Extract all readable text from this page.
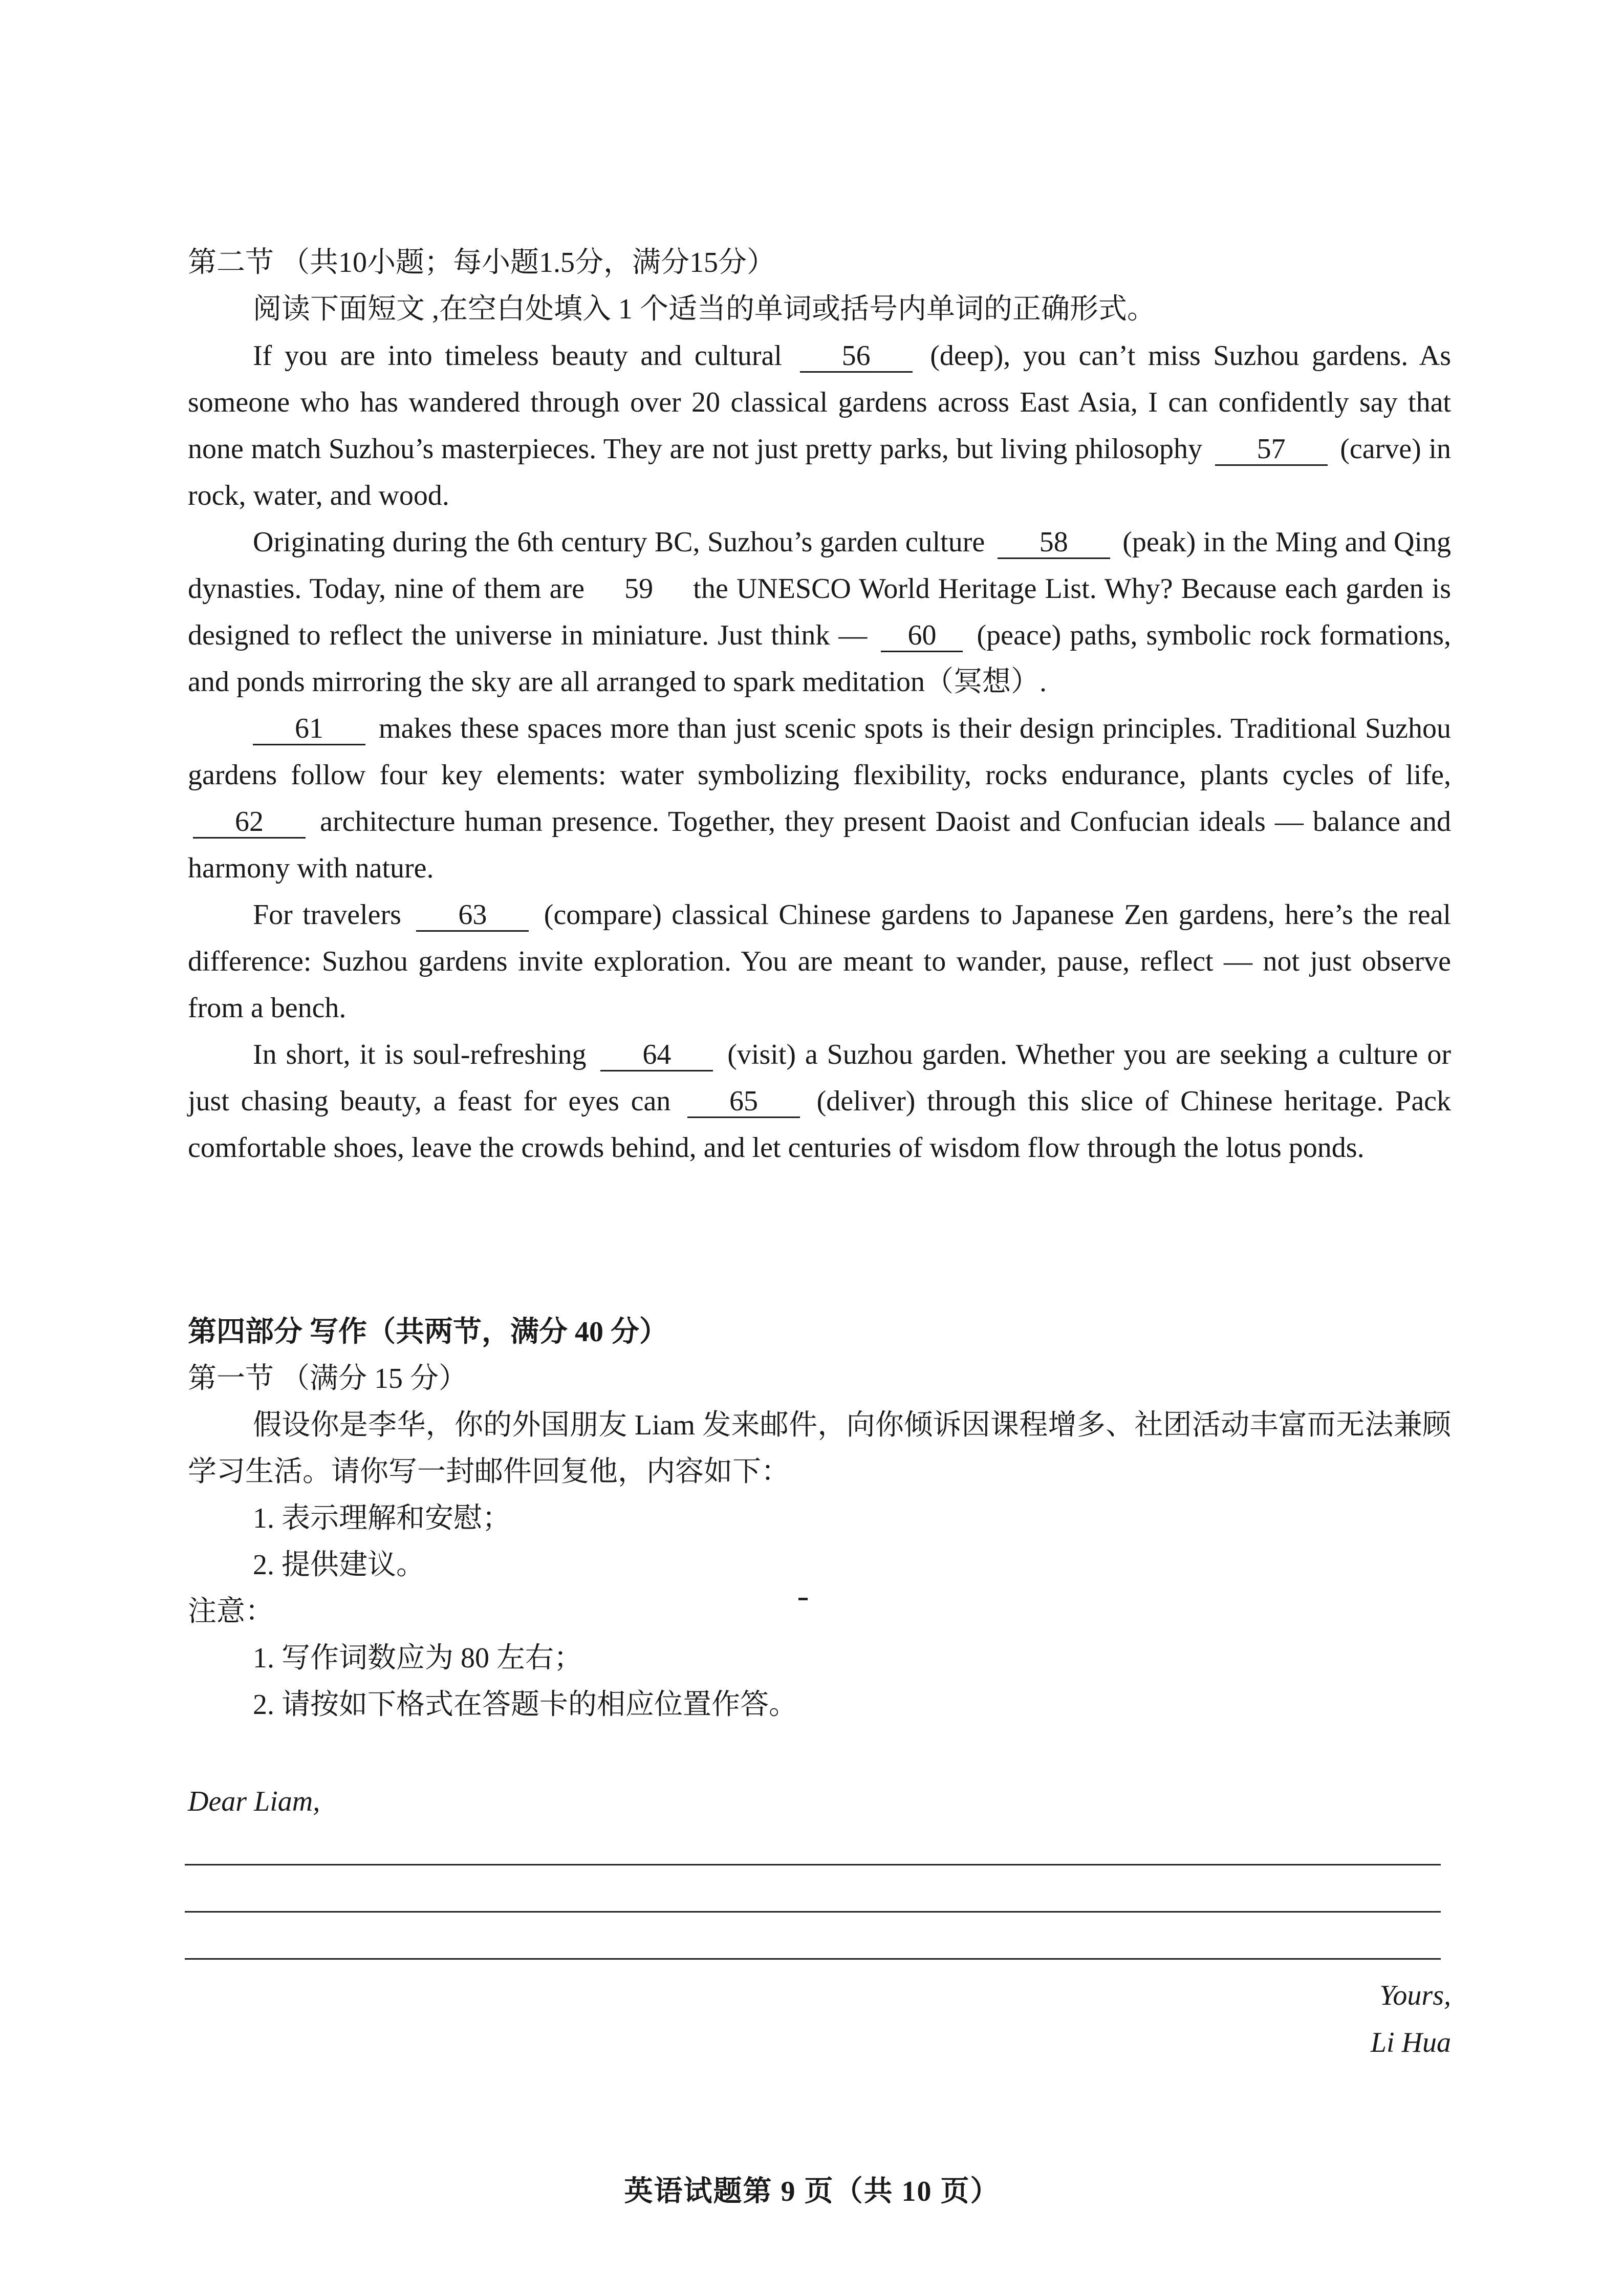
第二节 （共10小题；每小题1.5分，满分15分）

阅读下面短文 ,在空白处填入 1 个适当的单词或括号内单词的正确形式。

If you are into timeless beauty and cultural 56 (deep), you can’t miss Suzhou gardens. As someone who has wandered through over 20 classical gardens across East Asia, I can confidently say that none match Suzhou’s masterpieces. They are not just pretty parks, but living philosophy 57 (carve) in rock, water, and wood.

Originating during the 6th century BC, Suzhou’s garden culture 58 (peak) in the Ming and Qing dynasties. Today, nine of them are 59 the UNESCO World Heritage List. Why? Because each garden is designed to reflect the universe in miniature. Just think — 60 (peace) paths, symbolic rock formations, and ponds mirroring the sky are all arranged to spark meditation（冥想）.

61 makes these spaces more than just scenic spots is their design principles. Traditional Suzhou gardens follow four key elements: water symbolizing flexibility, rocks endurance, plants cycles of life, 62 architecture human presence. Together, they present Daoist and Confucian ideals — balance and harmony with nature.

For travelers 63 (compare) classical Chinese gardens to Japanese Zen gardens, here’s the real difference: Suzhou gardens invite exploration. You are meant to wander, pause, reflect — not just observe from a bench.

In short, it is soul-refreshing 64 (visit) a Suzhou garden. Whether you are seeking a culture or just chasing beauty, a feast for eyes can 65 (deliver) through this slice of Chinese heritage. Pack comfortable shoes, leave the crowds behind, and let centuries of wisdom flow through the lotus ponds.

第四部分 写作（共两节，满分 40 分）

第一节 （满分 15 分）

假设你是李华，你的外国朋友 Liam 发来邮件，向你倾诉因课程增多、社团活动丰富而无法兼顾学习生活。请你写一封邮件回复他，内容如下：

1. 表示理解和安慰；

2. 提供建议。

注意：

1. 写作词数应为 80 左右；

2. 请按如下格式在答题卡的相应位置作答。

Dear Liam,
Yours,
Li Hua
英语试题第 9 页（共 10 页）
